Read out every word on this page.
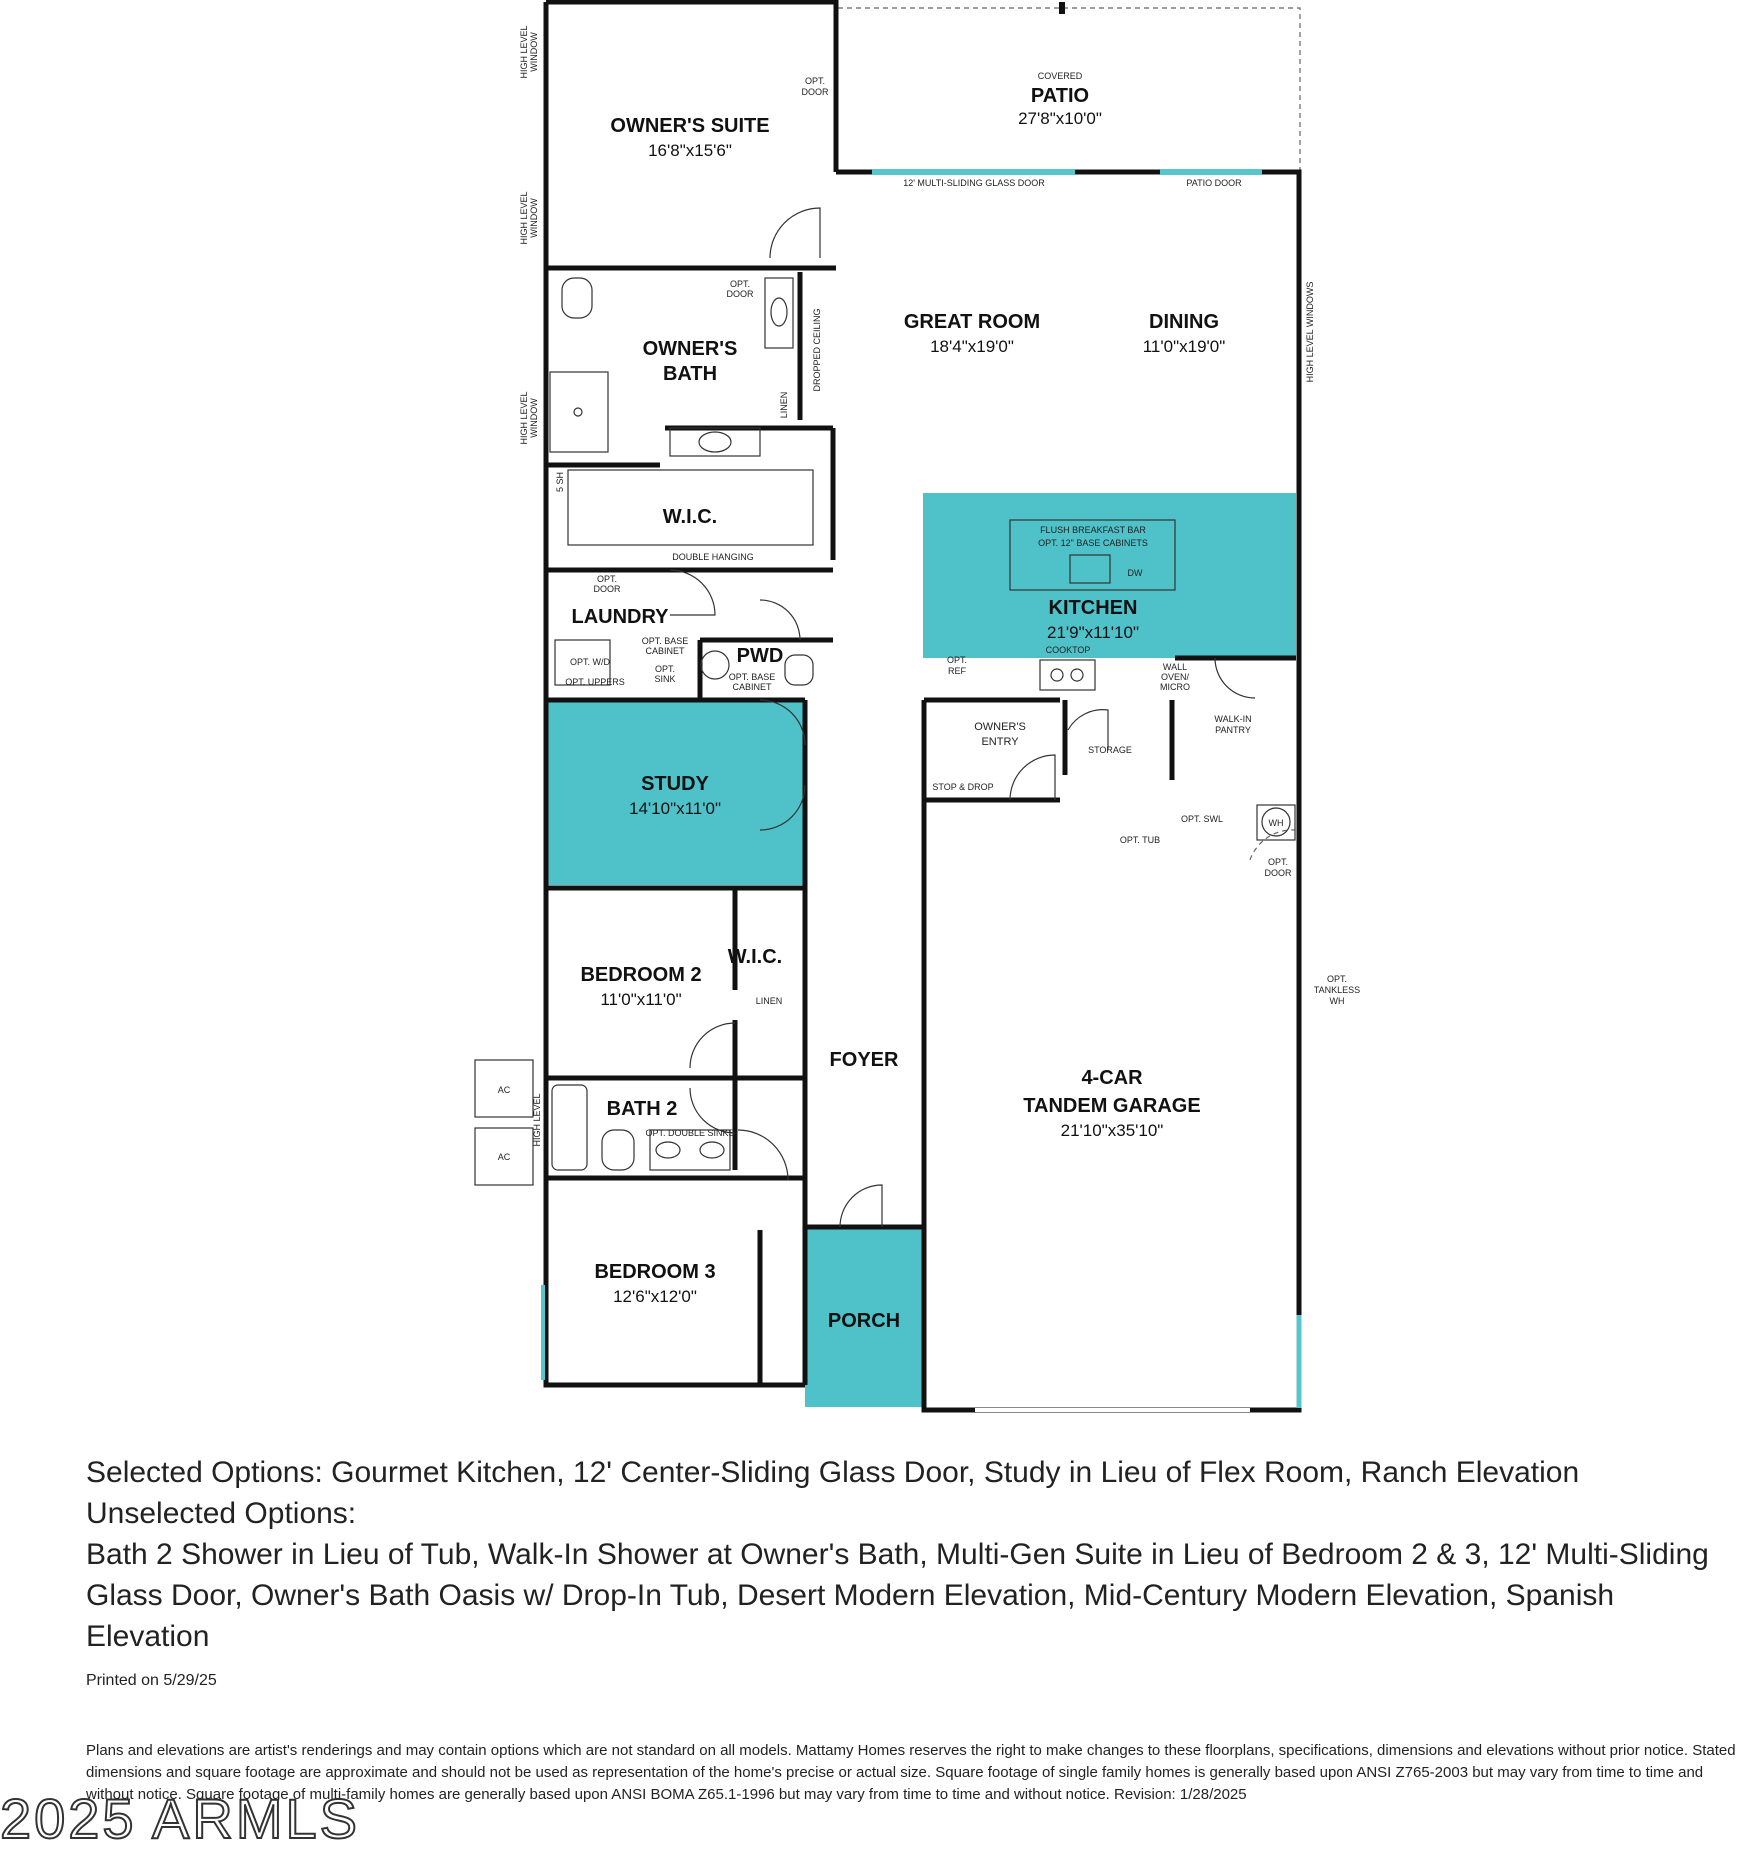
OWNER'S SUITE
16'8"x15'6"
COVERED
PATIO
27'8"x10'0"
OWNER'S
BATH
GREAT ROOM
18'4"x19'0"
DINING
11'0"x19'0"
W.I.C.
LAUNDRY
PWD
KITCHEN
21'9"x11'10"
STUDY
14'10"x11'0"
BEDROOM 2
11'0"x11'0"
W.I.C.
BATH 2
FOYER
4-CAR
TANDEM GARAGE
21'10"x35'10"
BEDROOM 3
12'6"x12'0"
PORCH
HIGH LEVEL WINDOW
HIGH LEVEL WINDOW
HIGH LEVEL WINDOW
HIGH LEVEL WINDOWS
HIGH LEVEL
OPT.
DOOR
OPT.
DOOR
OPT.
DOOR
OPT.
DOOR
12' MULTI-SLIDING GLASS DOOR	PATIO DOOR
DROPPED CEILING
LINEN
5 SH
DOUBLE HANGING
FLUSH BREAKFAST BAR
OPT. 12" BASE CABINETS
DW
COOKTOP
OPT.
REF	WALL
OVEN/
MICRO
OPT. BASE
CABINET
OPT. W/D
OPT. UPPERS
OPT.
SINK	OPT. BASE
CABINET
OWNER'S
ENTRY
STORAGE
WALK-IN
PANTRY
STOP & DROP
OPT. TUB
OPT. SWL	WH
OPT.
TANKLESS
WH
LINEN
AC
AC
OPT. DOUBLE SINKS

Selected Options: Gourmet Kitchen, 12' Center-Sliding Glass Door, Study in Lieu of Flex Room, Ranch Elevation

Unselected Options:

Bath 2 Shower in Lieu of Tub, Walk-In Shower at Owner's Bath, Multi-Gen Suite in Lieu of Bedroom 2 & 3, 12' Multi-Sliding Glass Door, Owner's Bath Oasis w/ Drop-In Tub, Desert Modern Elevation, Mid-Century Modern Elevation, Spanish Elevation

Printed on 5/29/25
Plans and elevations are artist's renderings and may contain options which are not standard on all models. Mattamy Homes reserves the right to make changes to these floorplans, specifications, dimensions and elevations without prior notice. Stated dimensions and square footage are approximate and should not be used as representation of the home's precise or actual size. Square footage of single family homes is generally based upon ANSI Z765-2003 but may vary from time to time and without notice. Square footage of multi-family homes are generally based upon ANSI BOMA Z65.1-1996 but may vary from time to time and without notice. Revision: 1/28/2025
2025 ARMLS
